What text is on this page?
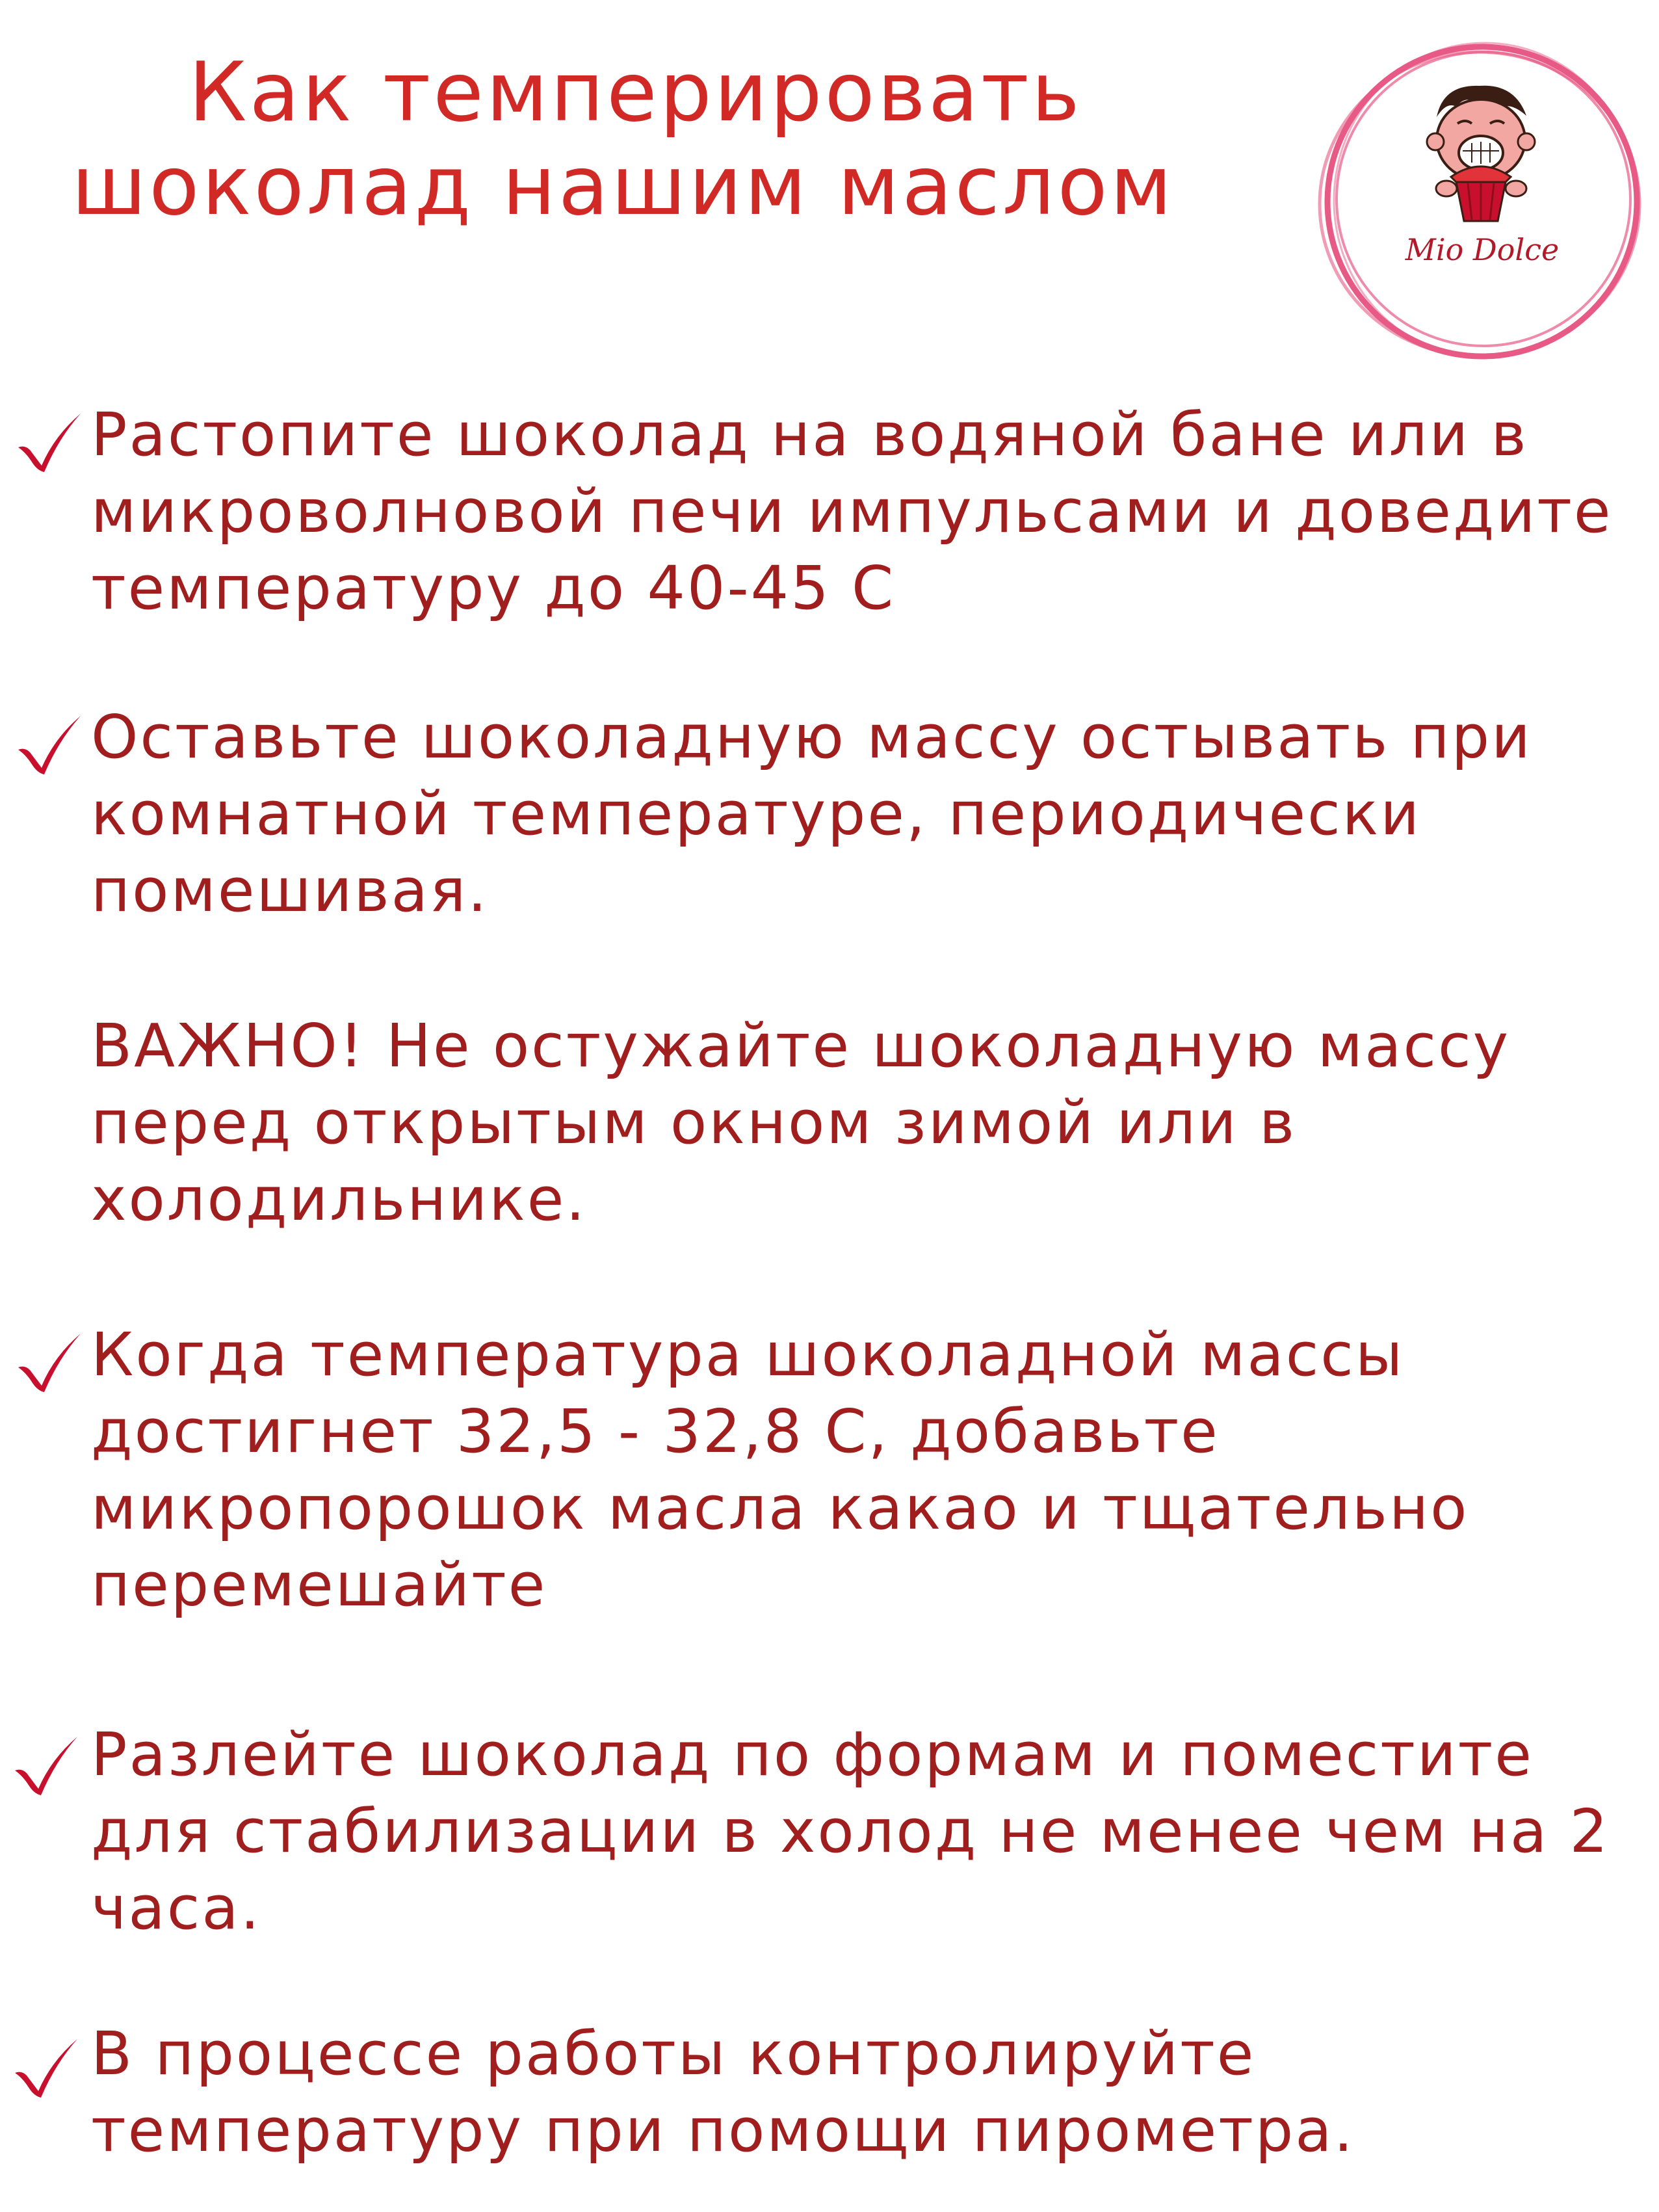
Как темперировать
шоколад нашим маслом
Mio Dolce

Растопите шоколад на водяной бане или в
микроволновой печи импульсами и доведите
температуру до 40-45 С

Оставьте шоколадную массу остывать при
комнатной температуре, периодически
помешивая.

ВАЖНО! Не остужайте шоколадную массу
перед открытым окном зимой или в
холодильнике.

Когда температура шоколадной массы
достигнет 32,5 - 32,8 С, добавьте
микропорошок масла какао и тщательно
перемешайте

Разлейте шоколад по формам и поместите
для стабилизации в холод не менее чем на 2
часа.

В процессе работы контролируйте
температуру при помощи пирометра.
